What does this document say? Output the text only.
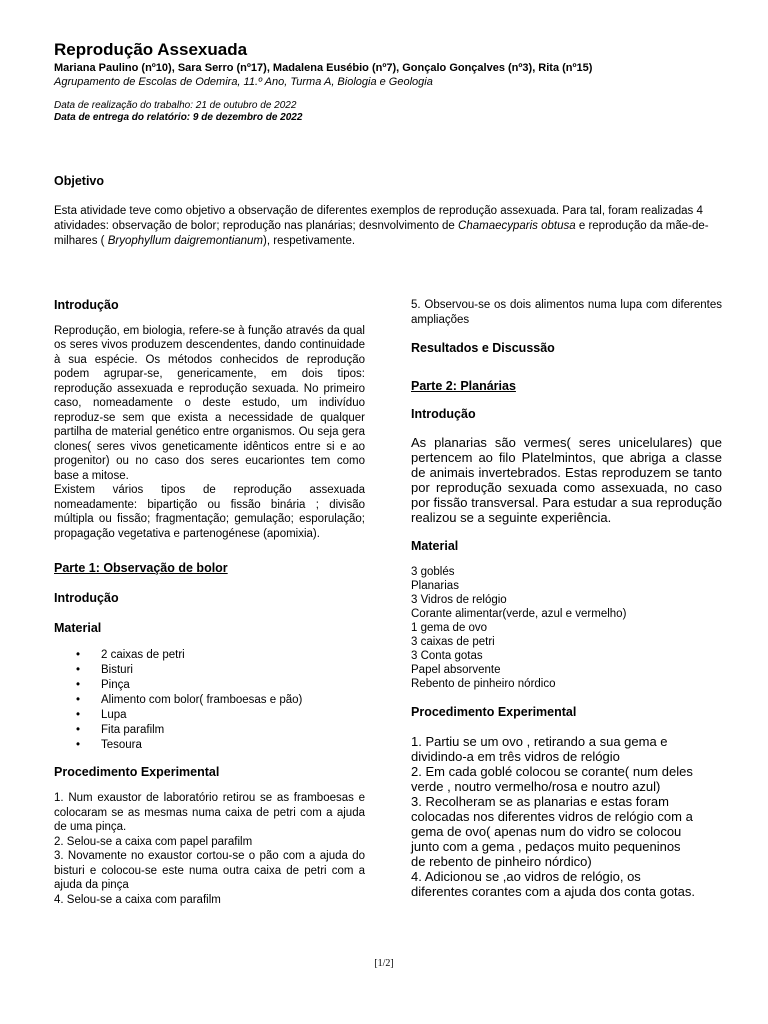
Reprodução Assexuada
Mariana Paulino (nº10), Sara Serro (nº17), Madalena Eusébio (nº7), Gonçalo Gonçalves (nº3), Rita (nº15)
Agrupamento de Escolas de Odemira, 11.º Ano, Turma A, Biologia e Geologia
Data de realização do trabalho: 21 de outubro de 2022
Data de entrega do relatório: 9 de dezembro de 2022
Objetivo
Esta atividade teve como objetivo a observação de diferentes exemplos de reprodução assexuada. Para tal, foram realizadas 4 atividades: observação de bolor; reprodução nas planárias; desnvolvimento de Chamaecyparis obtusa e reprodução da mãe-de-milhares ( Bryophyllum daigremontianum), respetivamente.
Introdução
Reprodução, em biologia, refere-se à função através da qual os seres vivos produzem descendentes, dando continuidade à sua espécie. Os métodos conhecidos de reprodução podem agrupar-se, genericamente, em dois tipos: reprodução assexuada e reprodução sexuada. No primeiro caso, nomeadamente o deste estudo, um indivíduo reproduz-se sem que exista a necessidade de qualquer partilha de material genético entre organismos. Ou seja gera clones( seres vivos geneticamente idênticos entre si e ao progenitor) ou no caso dos seres eucariontes tem como base a mitose.
Existem vários tipos de reprodução assexuada nomeadamente: bipartição ou fissão binária ; divisão múltipla ou fissão; fragmentação; gemulação; esporulação; propagação vegetativa e partenogénese (apomixia).
Parte 1: Observação de bolor
Introdução
Material
• 2 caixas de petri
• Bisturi
• Pinça
• Alimento com bolor( framboesas e pão)
• Lupa
• Fita parafilm
• Tesoura
Procedimento Experimental
1. Num exaustor de laboratório retirou se as framboesas e colocaram se as mesmas numa caixa de petri com a ajuda de uma pinça.
2. Selou-se a caixa com papel parafilm
3. Novamente no exaustor cortou-se o pão com a ajuda do bisturi e colocou-se este numa outra caixa de petri com a ajuda da pinça
4. Selou-se a caixa com parafilm
5. Observou-se os dois alimentos numa lupa com diferentes ampliações
Resultados e Discussão
Parte 2: Planárias
Introdução
As planarias são vermes( seres unicelulares) que pertencem ao filo Platelmintos, que abriga a classe de animais invertebrados. Estas reproduzem se tanto por reprodução sexuada como assexuada, no caso por fissão transversal. Para estudar a sua reprodução realizou se a seguinte experiência.
Material
3 goblés
Planarias
3 Vidros de relógio
Corante alimentar(verde, azul e vermelho)
1 gema de ovo
3 caixas de petri
3 Conta gotas
Papel absorvente
Rebento de pinheiro nórdico
Procedimento Experimental
1. Partiu se um ovo , retirando a sua gema e
dividindo-a em três vidros de relógio
2. Em cada goblé colocou se corante( num deles
verde , noutro vermelho/rosa e noutro azul)
3. Recolheram se as planarias e estas foram
colocadas nos diferentes vidros de relógio com a
gema de ovo( apenas num do vidro se colocou
junto com a gema , pedaços muito pequeninos
de rebento de pinheiro nórdico)
4. Adicionou se ,ao vidros de relógio, os
diferentes corantes com a ajuda dos conta gotas.
[1/2]
